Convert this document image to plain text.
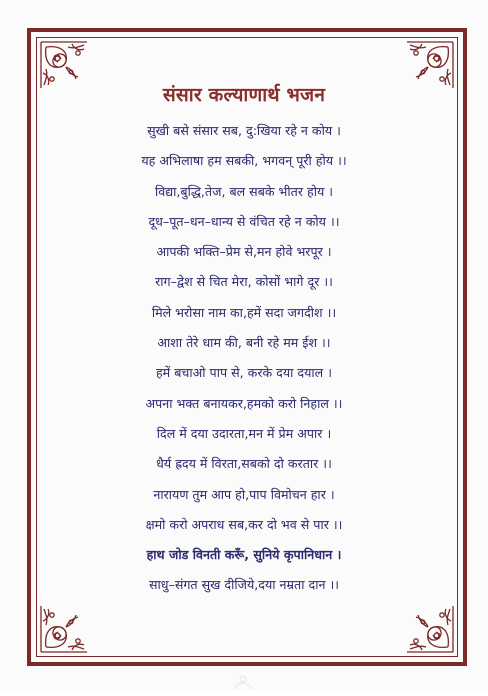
संसार कल्याणार्थ भजन
सुखी बसे संसार सब, दु:खिया रहे न कोय ।
यह अभिलाषा हम सबकी, भगवन् पूरी होय ।।
विद्या,बुद्धि,तेज, बल सबके भीतर होय ।
दूध–पूत–धन–धान्य से वंचित रहे न कोय ।।
आपकी भक्ति–प्रेम से,मन होवे भरपूर ।
राग–द्वेश से चित मेरा, कोसों भागे दूर ।।
मिले भरोसा नाम का,हमें सदा जगदीश ।।
आशा तेरे धाम की, बनी रहे मम ईश ।।
हमें बचाओ पाप से, करके दया दयाल ।
अपना भक्त बनायकर,हमको करो निहाल ।।
दिल में दया उदारता,मन में प्रेम अपार ।
धैर्य ह्रदय में विरता,सबको दो करतार ।।
नारायण तुम आप हो,पाप विमोचन हार ।
क्षमो करो अपराध सब,कर दो भव से पार ।।
हाथ जोड विनती करूँ, सुनिये कृपानिधान ।
साधु–संगत सुख दीजिये,दया नम्रता दान ।।
